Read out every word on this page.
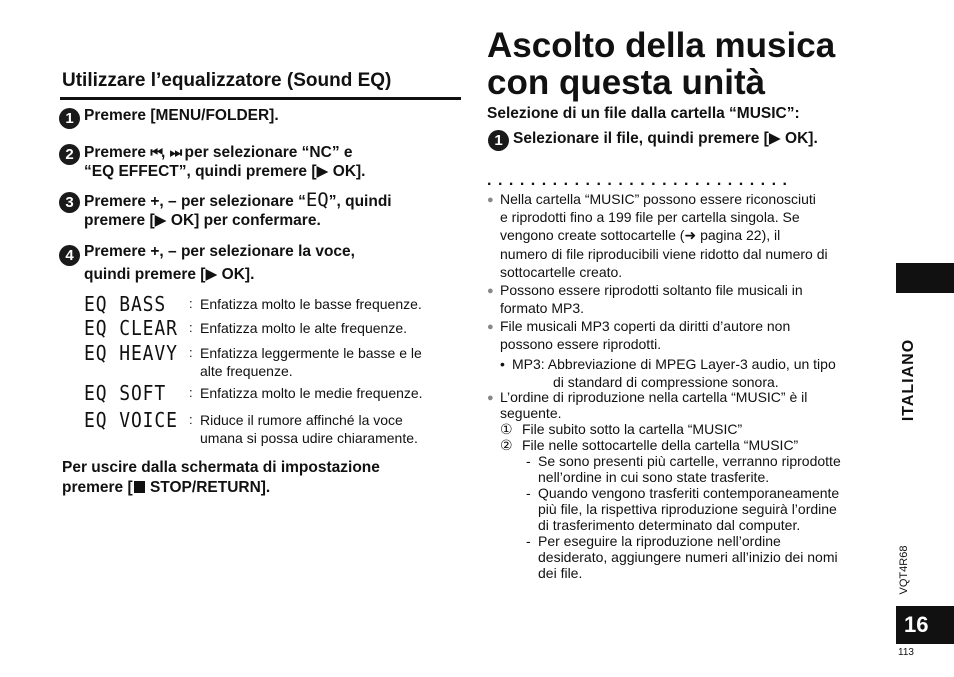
Utilizzare l’equalizzatore (Sound EQ)
1 Premere [MENU/FOLDER].
2 Premere ⏮, ⏭ per selezionare “NC” e
“EQ EFFECT”, quindi premere [▶ OK].
3 Premere +, – per selezionare “EQ”, quindi
premere [▶ OK] per confermare.
4 Premere +, – per selezionare la voce,
quindi premere [▶ OK].
EQ BASS : Enfatizza molto le basse frequenze.
EQ CLEAR : Enfatizza molto le alte frequenze.
EQ HEAVY : Enfatizza leggermente le basse e le
alte frequenze.
EQ SOFT : Enfatizza molto le medie frequenze.
EQ VOICE : Riduce il rumore affinché la voce
umana si possa udire chiaramente.
Per uscire dalla schermata di impostazione
premere [ STOP/RETURN].
Ascolto della musica
con questa unità
Selezione di un file dalla cartella “MUSIC”:
1 Selezionare il file, quindi premere [▶ OK].
............................
● Nella cartella “MUSIC” possono essere riconosciuti
e riprodotti fino a 199 file per cartella singola. Se
vengono create sottocartelle (➜ pagina 22), il
numero di file riproducibili viene ridotto dal numero di
sottocartelle creato.
● Possono essere riprodotti soltanto file musicali in
formato MP3.
● File musicali MP3 coperti da diritti d’autore non
possono essere riprodotti.
• MP3: Abbreviazione di MPEG Layer-3 audio, un tipo
di standard di compressione sonora.
● L’ordine di riproduzione nella cartella “MUSIC” è il
seguente.
① File subito sotto la cartella “MUSIC”
② File nelle sottocartelle della cartella “MUSIC”
- Se sono presenti più cartelle, verranno riprodotte
nell’ordine in cui sono state trasferite.
- Quando vengono trasferiti contemporaneamente
più file, la rispettiva riproduzione seguirà l’ordine
di trasferimento determinato dal computer.
- Per eseguire la riproduzione nell’ordine
desiderato, aggiungere numeri all’inizio dei nomi
dei file.
ITALIANO
VQT4R68
16
113
